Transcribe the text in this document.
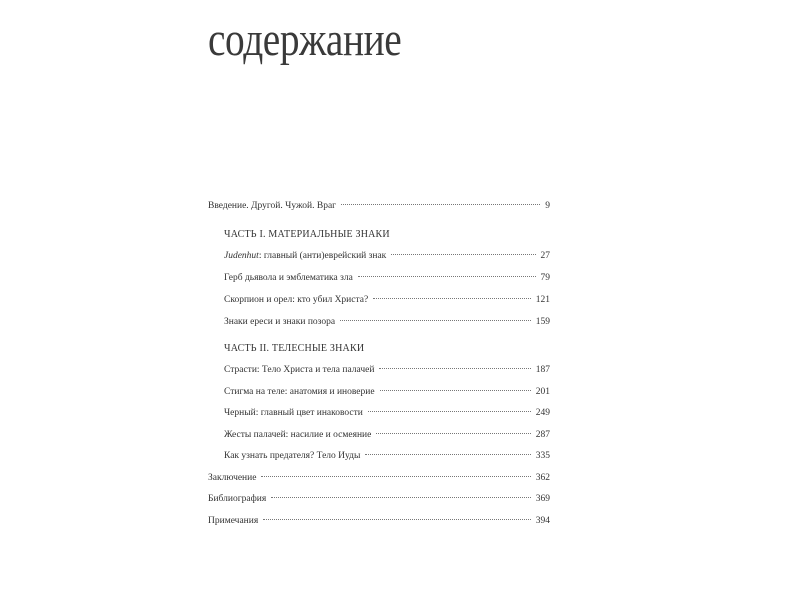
содержание
Введение. Другой. Чужой. Враг	9
ЧАСТЬ I. МАТЕРИАЛЬНЫЕ ЗНАКИ
Judenhut: главный (анти)еврейский знак	27
Герб дьявола и эмблематика зла	79
Скорпион и орел: кто убил Христа?	121
Знаки ереси и знаки позора	159
ЧАСТЬ II. ТЕЛЕСНЫЕ ЗНАКИ
Страсти: Тело Христа и тела палачей	187
Стигма на теле: анатомия и иноверие	201
Черный: главный цвет инаковости	249
Жесты палачей: насилие и осмеяние	287
Как узнать предателя? Тело Иуды	335
Заключение	362
Библиография	369
Примечания	394
